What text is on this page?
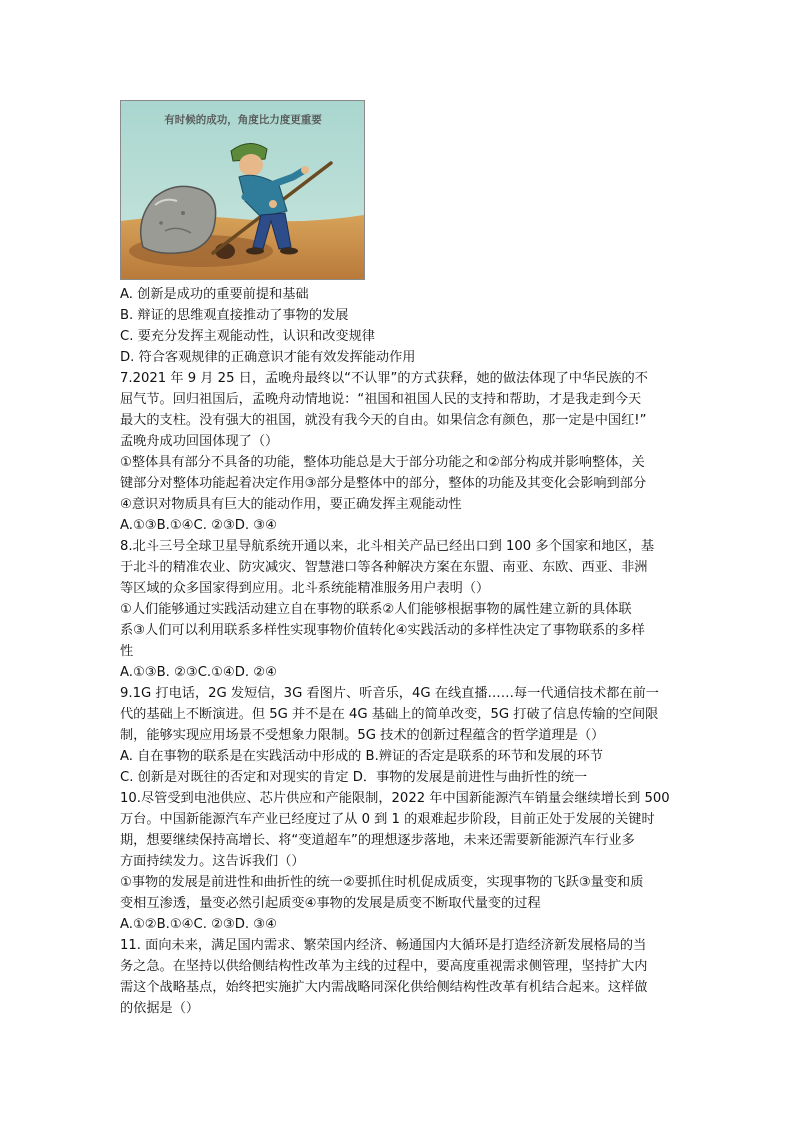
有时候的成功，角度比力度更重要
A. 创新是成功的重要前提和基础
B. 辩证的思维观直接推动了事物的发展
C. 要充分发挥主观能动性，认识和改变规律
D. 符合客观规律的正确意识才能有效发挥能动作用
7.2021 年 9 月 25 日，孟晚舟最终以“不认罪”的方式获释，她的做法体现了中华民族的不
屈气节。回归祖国后，孟晚舟动情地说：“祖国和祖国人民的支持和帮助，才是我走到今天
最大的支柱。没有强大的祖国，就没有我今天的自由。如果信念有颜色，那一定是中国红!”
孟晚舟成功回国体现了（）
①整体具有部分不具备的功能，整体功能总是大于部分功能之和②部分构成并影响整体，关
键部分对整体功能起着决定作用③部分是整体中的部分，整体的功能及其变化会影响到部分
④意识对物质具有巨大的能动作用，要正确发挥主观能动性
A.①③B.①④C. ②③D. ③④
8.北斗三号全球卫星导航系统开通以来，北斗相关产品已经出口到 100 多个国家和地区，基
于北斗的精准农业、防灾减灾、智慧港口等各种解决方案在东盟、南亚、东欧、西亚、非洲
等区域的众多国家得到应用。北斗系统能精准服务用户表明（）
①人们能够通过实践活动建立自在事物的联系②人们能够根据事物的属性建立新的具体联
系③人们可以利用联系多样性实现事物价值转化④实践活动的多样性决定了事物联系的多样
性
A.①③B. ②③C.①④D. ②④
9.1G 打电话，2G 发短信，3G 看图片、听音乐，4G 在线直播……每一代通信技术都在前一
代的基础上不断演进。但 5G 并不是在 4G 基础上的简单改变，5G 打破了信息传输的空间限
制，能够实现应用场景不受想象力限制。5G 技术的创新过程蕴含的哲学道理是（）
A. 自在事物的联系是在实践活动中形成的 B.辨证的否定是联系的环节和发展的环节
C. 创新是对既往的否定和对现实的肯定 D．事物的发展是前进性与曲折性的统一
10.尽管受到电池供应、芯片供应和产能限制，2022 年中国新能源汽车销量会继续增长到 500
万台。中国新能源汽车产业已经度过了从 0 到 1 的艰难起步阶段，目前正处于发展的关键时
期，想要继续保持高增长、将“变道超车”的理想逐步落地，未来还需要新能源汽车行业多
方面持续发力。这告诉我们（）
①事物的发展是前进性和曲折性的统一②要抓住时机促成质变，实现事物的飞跃③量变和质
变相互渗透，量变必然引起质变④事物的发展是质变不断取代量变的过程
A.①②B.①④C. ②③D. ③④
11. 面向未来，满足国内需求、繁荣国内经济、畅通国内大循环是打造经济新发展格局的当
务之急。在坚持以供给侧结构性改革为主线的过程中，要高度重视需求侧管理，坚持扩大内
需这个战略基点，始终把实施扩大内需战略同深化供给侧结构性改革有机结合起来。这样做
的依据是（）
